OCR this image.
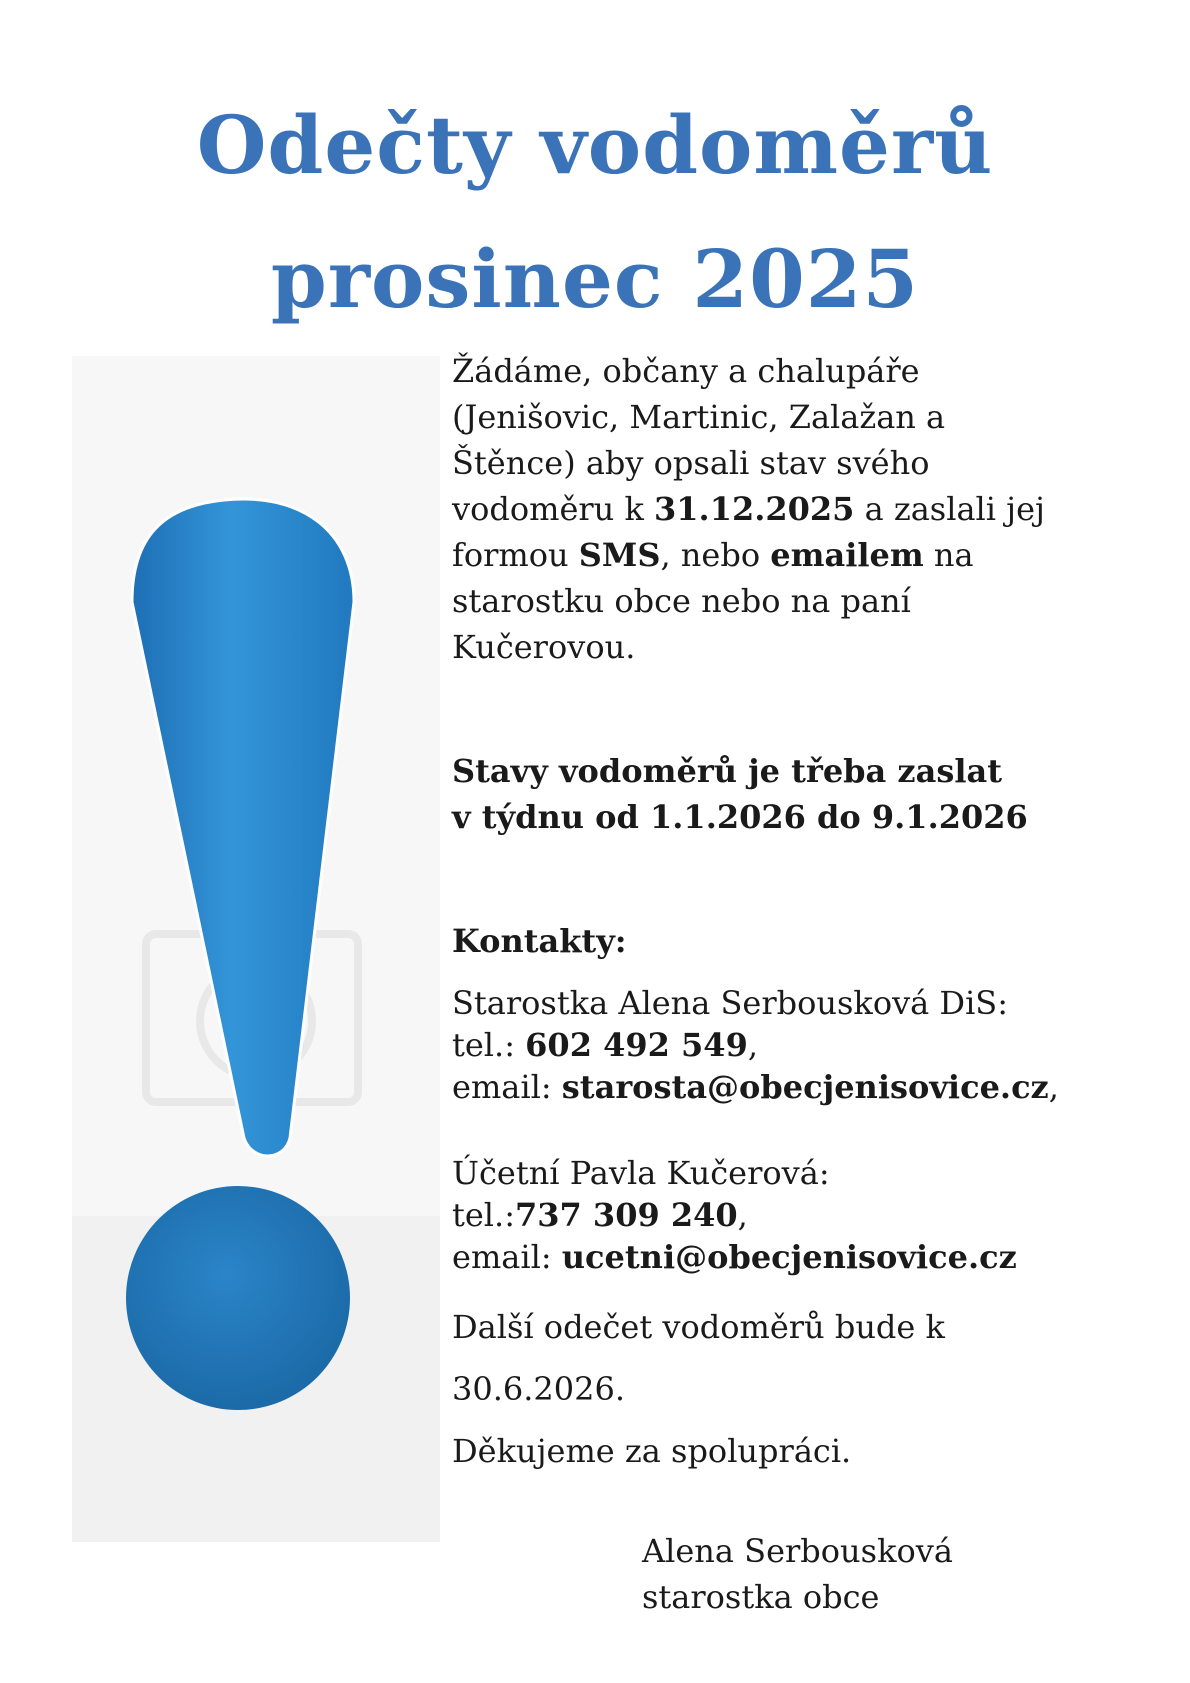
Odečty vodoměrů
prosinec 2025
Žádáme, občany a chalupáře
(Jenišovic, Martinic, Zalažan a
Štěnce) aby opsali stav svého
vodoměru k 31.12.2025 a zaslali jej
formou SMS, nebo emailem na
starostku obce nebo na paní
Kučerovou.
Stavy vodoměrů je třeba zaslat
v týdnu od 1.1.2026 do 9.1.2026
Kontakty:
Starostka Alena Serbousková DiS:
tel.: 602 492 549,
email: starosta@obecjenisovice.cz,
Účetní Pavla Kučerová:
tel.:737 309 240,
email: ucetni@obecjenisovice.cz
Další odečet vodoměrů bude k
30.6.2026.
Děkujeme za spolupráci.
Alena Serbousková
starostka obce
